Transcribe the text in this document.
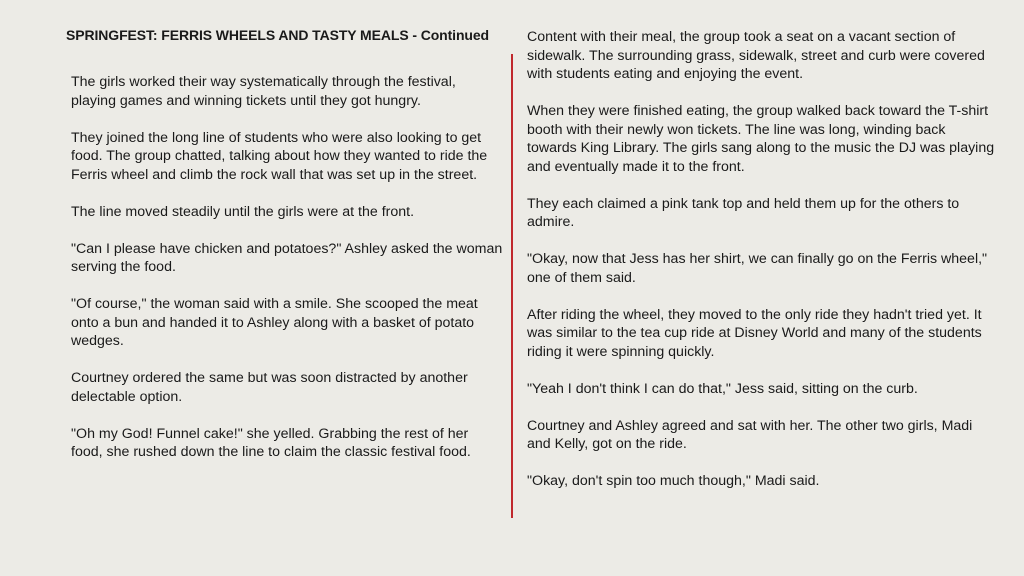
SPRINGFEST: FERRIS WHEELS AND TASTY MEALS - Continued

The girls worked their way systematically through the festival, playing games and winning tickets until they got hungry.

They joined the long line of students who were also looking to get food. The group chatted, talking about how they wanted to ride the Ferris wheel and climb the rock wall that was set up in the street.

The line moved steadily until the girls were at the front.

"Can I please have chicken and potatoes?" Ashley asked the woman serving the food.

"Of course," the woman said with a smile. She scooped the meat onto a bun and handed it to Ashley along with a basket of potato wedges.

Courtney ordered the same but was soon distracted by another delectable option.

"Oh my God! Funnel cake!" she yelled. Grabbing the rest of her food, she rushed down the line to claim the classic festival food.

Content with their meal, the group took a seat on a vacant section of sidewalk. The surrounding grass, sidewalk, street and curb were covered with students eating and enjoying the event.

When they were finished eating, the group walked back toward the T-shirt booth with their newly won tickets. The line was long, winding back towards King Library. The girls sang along to the music the DJ was playing and eventually made it to the front.

They each claimed a pink tank top and held them up for the others to admire.

"Okay, now that Jess has her shirt, we can finally go on the Ferris wheel," one of them said.

After riding the wheel, they moved to the only ride they hadn't tried yet. It was similar to the tea cup ride at Disney World and many of the students riding it were spinning quickly.

"Yeah I don't think I can do that," Jess said, sitting on the curb.

Courtney and Ashley agreed and sat with her. The other two girls, Madi and Kelly, got on the ride.

"Okay, don't spin too much though," Madi said.
